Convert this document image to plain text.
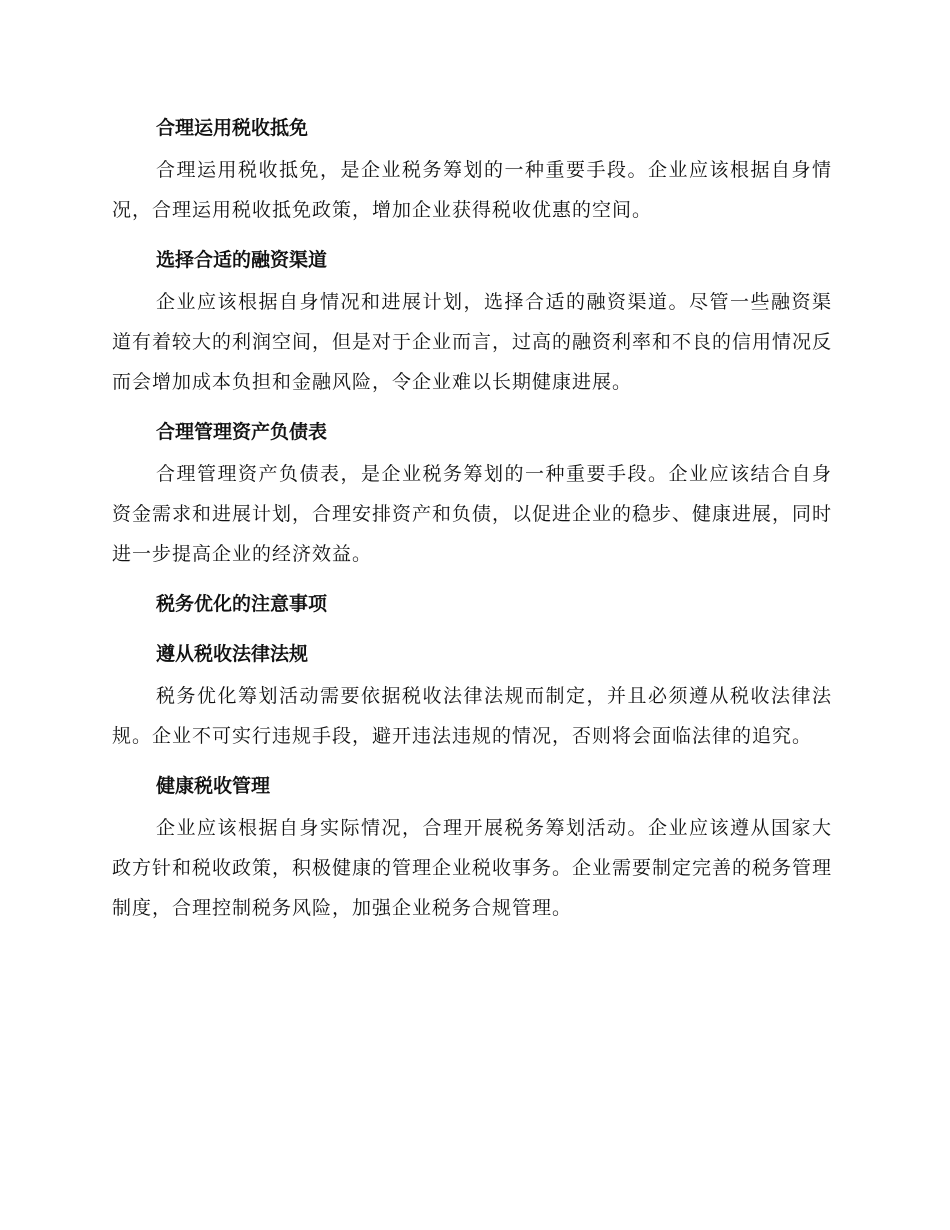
合理运用税收抵免

合理运用税收抵免，是企业税务筹划的一种重要手段。企业应该根据自身情况，合理运用税收抵免政策，增加企业获得税收优惠的空间。

选择合适的融资渠道

企业应该根据自身情况和进展计划，选择合适的融资渠道。尽管一些融资渠道有着较大的利润空间，但是对于企业而言，过高的融资利率和不良的信用情况反而会增加成本负担和金融风险，令企业难以长期健康进展。

合理管理资产负债表

合理管理资产负债表，是企业税务筹划的一种重要手段。企业应该结合自身资金需求和进展计划，合理安排资产和负债，以促进企业的稳步、健康进展，同时进一步提高企业的经济效益。

税务优化的注意事项
遵从税收法律法规

税务优化筹划活动需要依据税收法律法规而制定，并且必须遵从税收法律法规。企业不可实行违规手段，避开违法违规的情况，否则将会面临法律的追究。

健康税收管理

企业应该根据自身实际情况，合理开展税务筹划活动。企业应该遵从国家大政方针和税收政策，积极健康的管理企业税收事务。企业需要制定完善的税务管理制度，合理控制税务风险，加强企业税务合规管理。
